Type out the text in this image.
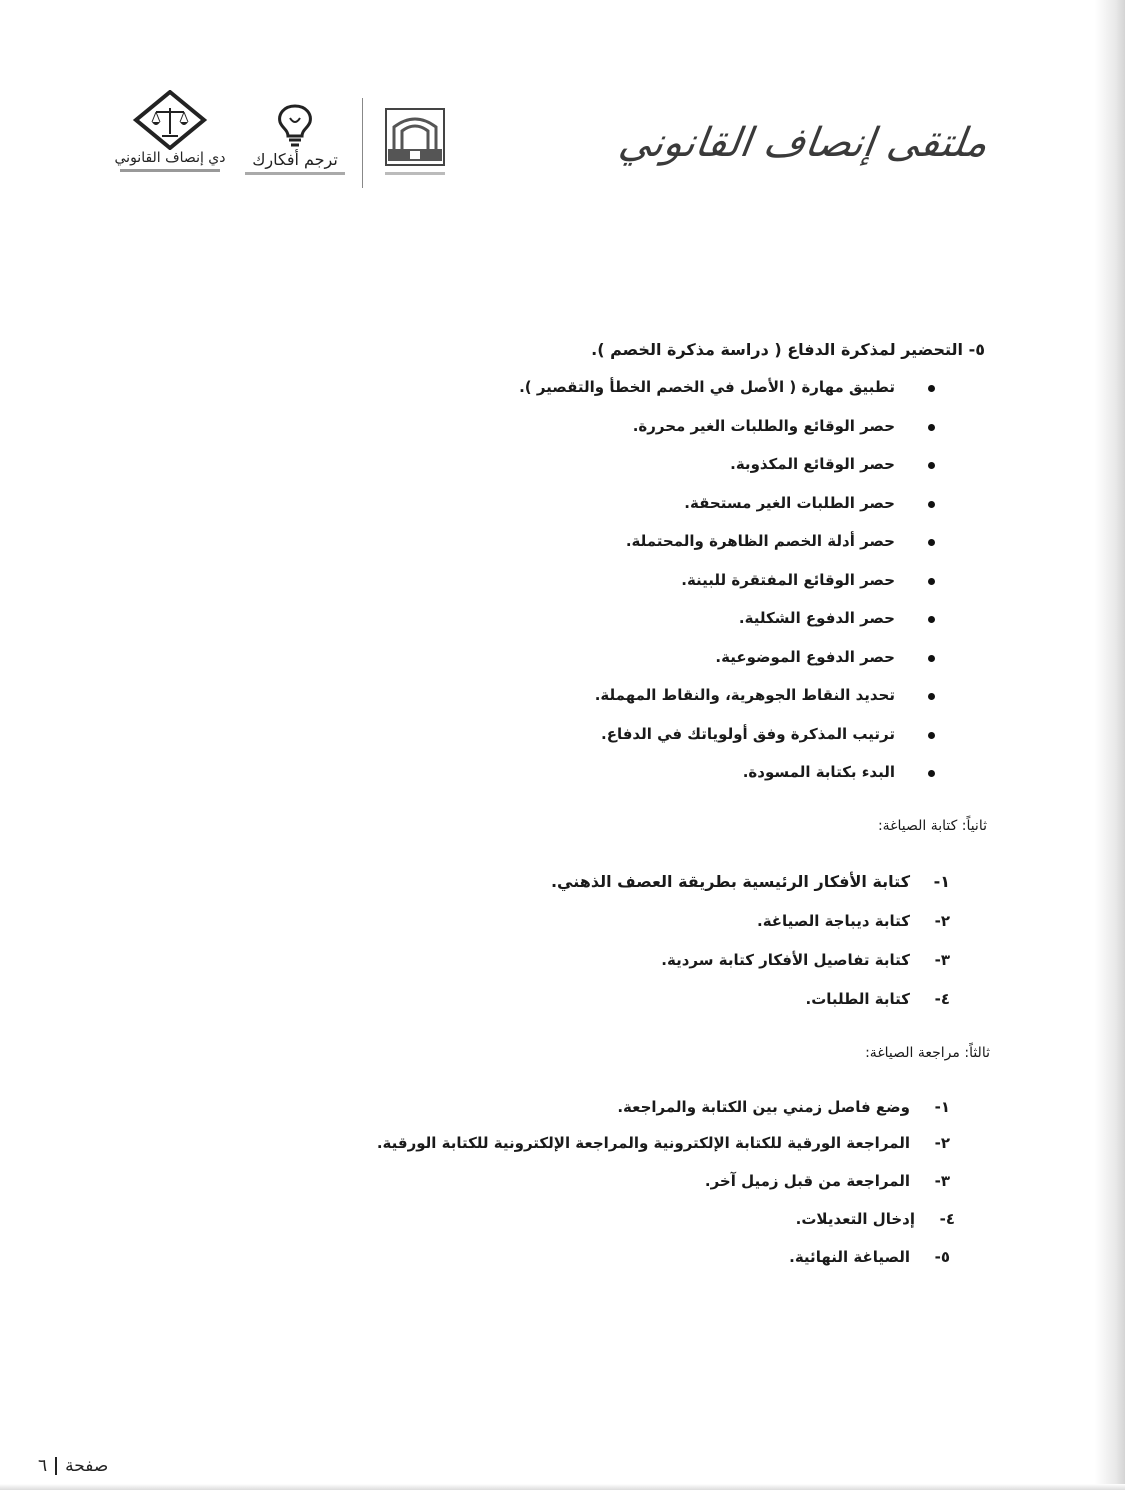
دي إنصاف القانوني	ترجم أفكارك	ملتقى إنصاف القانوني
٥- التحضير لمذكرة الدفاع ( دراسة مذكرة الخصم ).
تطبيق مهارة ( الأصل في الخصم الخطأ والتقصير ).
حصر الوقائع والطلبات الغير محررة.
حصر الوقائع المكذوبة.
حصر الطلبات الغير مستحقة.
حصر أدلة الخصم الظاهرة والمحتملة.
حصر الوقائع المفتقرة للبينة.
حصر الدفوع الشكلية.
حصر الدفوع الموضوعية.
تحديد النقاط الجوهرية، والنقاط المهملة.
ترتيب المذكرة وفق أولوياتك في الدفاع.
البدء بكتابة المسودة.
ثانياً: كتابة الصياغة:
١-
كتابة الأفكار الرئيسية بطريقة العصف الذهني.
٢-
كتابة ديباجة الصياغة.
٣-
كتابة تفاصيل الأفكار كتابة سردية.
٤-
كتابة الطلبات.
ثالثاً: مراجعة الصياغة:
١-
وضع فاصل زمني بين الكتابة والمراجعة.
٢-
المراجعة الورقية للكتابة الإلكترونية والمراجعة الإلكترونية للكتابة الورقية.
٣-
المراجعة من قبل زميل آخر.
٤-
إدخال التعديلات.
٥-
الصياغة النهائية.
صفحة٦
